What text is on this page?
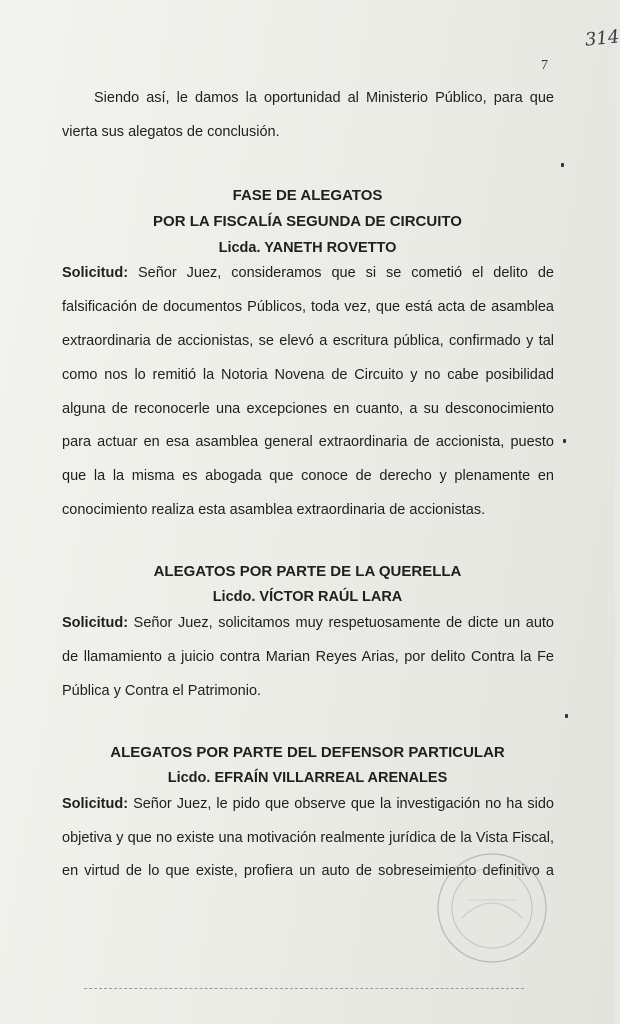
314
7
Siendo así, le damos la oportunidad al Ministerio Público, para que
vierta sus alegatos de conclusión.
FASE DE ALEGATOS
POR LA FISCALÍA SEGUNDA DE CIRCUITO
Licda. YANETH ROVETTO
Solicitud: Señor Juez, consideramos que si se cometió el delito de
falsificación de documentos Públicos, toda vez, que está acta de asamblea
extraordinaria de accionistas, se elevó a escritura pública, confirmado y tal
como nos lo remitió la Notoria Novena de Circuito y no cabe posibilidad
alguna de reconocerle una excepciones en cuanto, a su desconocimiento
para actuar en esa asamblea general extraordinaria de accionista, puesto
que la la misma es abogada que conoce de derecho y plenamente en
conocimiento realiza esta asamblea extraordinaria de accionistas.
ALEGATOS POR PARTE DE LA QUERELLA
Licdo. VÍCTOR RAÚL LARA
Solicitud: Señor Juez, solicitamos muy respetuosamente de dicte un auto
de llamamiento a juicio contra Marian Reyes Arias, por delito Contra la Fe
Pública y Contra el Patrimonio.
ALEGATOS POR PARTE DEL DEFENSOR PARTICULAR
Licdo. EFRAÍN VILLARREAL ARENALES
Solicitud: Señor Juez, le pido que observe que la investigación no ha sido
objetiva y que no existe una motivación realmente jurídica de la Vista Fiscal,
en virtud de lo que existe, profiera un auto de sobreseimiento definitivo a
